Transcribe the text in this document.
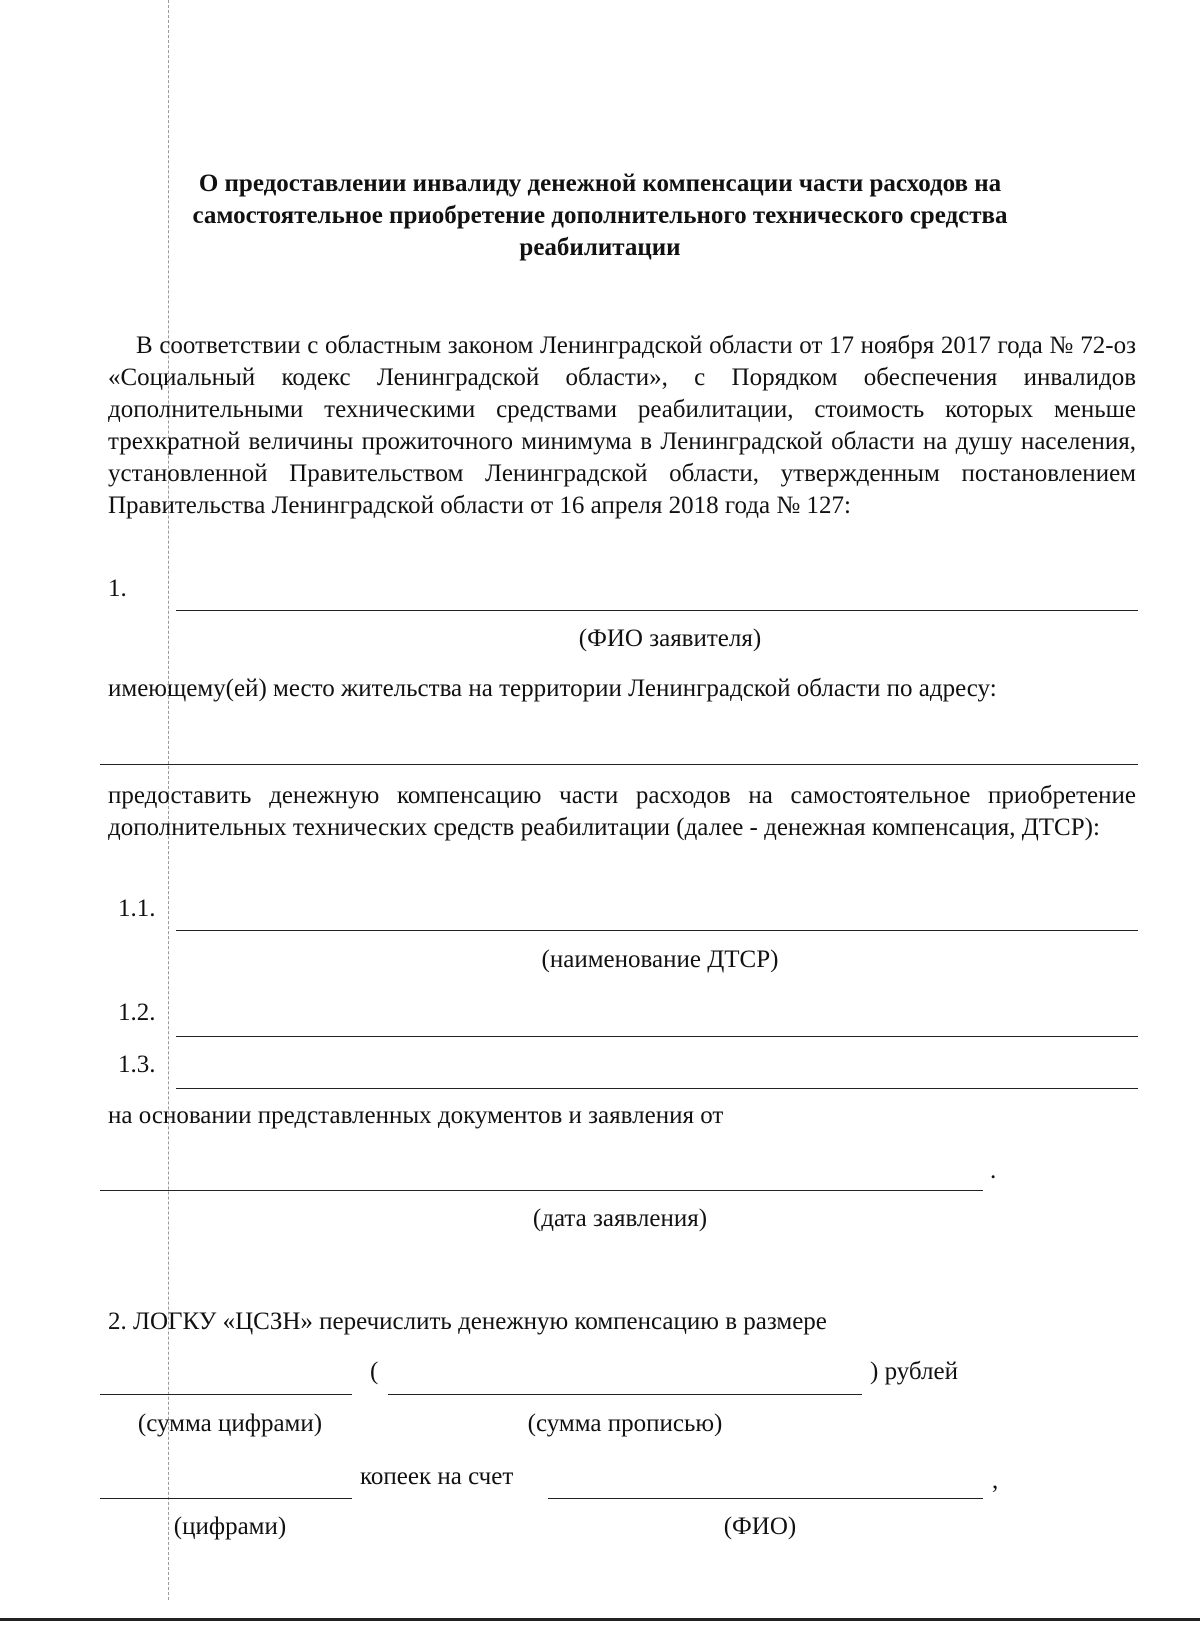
О предоставлении инвалиду денежной компенсации части расходов на самостоятельное приобретение дополнительного технического средства реабилитации
В соответствии с областным законом Ленинградской области от 17 ноября 2017 года № 72-оз «Социальный кодекс Ленинградской области», с Порядком обеспечения инвалидов дополнительными техническими средствами реабилитации, стоимость которых меньше трехкратной величины прожиточного минимума в Ленинградской области на душу населения, установленной Правительством Ленинградской области, утвержденным постановлением Правительства Ленинградской области от 16 апреля 2018 года № 127:
1.
(ФИО заявителя)
имеющему(ей) место жительства на территории Ленинградской области по адресу:
предоставить денежную компенсацию части расходов на самостоятельное приобретение дополнительных технических средств реабилитации (далее - денежная компенсация, ДТСР):
1.1.
(наименование ДТСР)
1.2.
1.3.
на основании представленных документов и заявления от
.
(дата заявления)
2. ЛОГКУ «ЦСЗН» перечислить денежную компенсацию в размере
(	) рублей
(сумма цифрами)	(сумма прописью)
копеек на счет	,
(цифрами)	(ФИО)
